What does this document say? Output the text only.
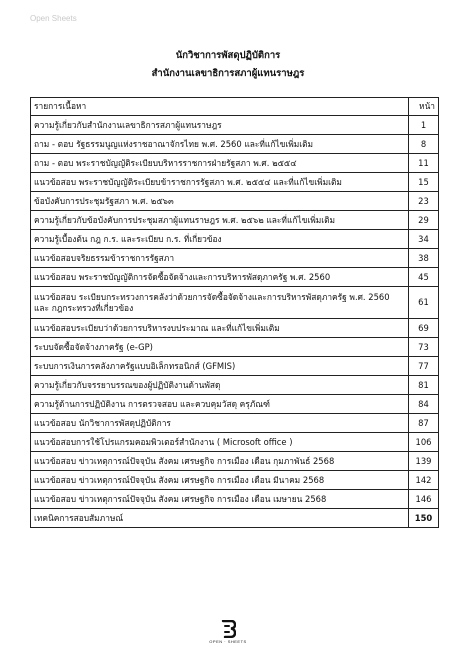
Open Sheets
นักวิชาการพัสดุปฏิบัติการ
สำนักงานเลขาธิการสภาผู้แทนราษฎร
รายการเนื้อหา	หน้า
ความรู้เกี่ยวกับสำนักงานเลขาธิการสภาผู้แทนราษฎร	1
ถาม - ตอบ รัฐธรรมนูญแห่งราชอาณาจักรไทย พ.ศ. 2560 และที่แก้ไขเพิ่มเติม	8
ถาม - ตอบ พระราชบัญญัติระเบียบบริหารราชการฝ่ายรัฐสภา พ.ศ. ๒๕๕๔	11
แนวข้อสอบ พระราชบัญญัติระเบียบข้าราชการรัฐสภา พ.ศ. ๒๕๕๔ และที่แก้ไขเพิ่มเติม	15
ข้อบังคับการประชุมรัฐสภา พ.ศ. ๒๕๖๓	23
ความรู้เกี่ยวกับข้อบังคับการประชุมสภาผู้แทนราษฎร พ.ศ. ๒๕๖๒ และที่แก้ไขเพิ่มเติม	29
ความรู้เบื้องต้น กฎ ก.ร. และระเบียบ ก.ร. ที่เกี่ยวข้อง	34
แนวข้อสอบจริยธรรมข้าราชการรัฐสภา	38
แนวข้อสอบ พระราชบัญญัติการจัดซื้อจัดจ้างและการบริหารพัสดุภาครัฐ พ.ศ. 2560	45
แนวข้อสอบ ระเบียบกระทรวงการคลังว่าด้วยการจัดซื้อจัดจ้างและการบริหารพัสดุภาครัฐ พ.ศ. 2560 และ กฎกระทรวงที่เกี่ยวข้อง	61
แนวข้อสอบระเบียบว่าด้วยการบริหารงบประมาณ และที่แก้ไขเพิ่มเติม	69
ระบบจัดซื้อจัดจ้างภาครัฐ (e-GP)	73
ระบบการเงินการคลังภาครัฐแบบอิเล็กทรอนิกส์ (GFMIS)	77
ความรู้เกี่ยวกับจรรยาบรรณของผู้ปฏิบัติงานด้านพัสดุ	81
ความรู้ด้านการปฏิบัติงาน การตรวจสอบ และควบคุมวัสดุ ครุภัณฑ์	84
แนวข้อสอบ นักวิชาการพัสดุปฏิบัติการ	87
แนวข้อสอบการใช้โปรแกรมคอมพิวเตอร์สำนักงาน ( Microsoft office )	106
แนวข้อสอบ ข่าวเหตุการณ์ปัจจุบัน สังคม เศรษฐกิจ การเมือง เดือน กุมภาพันธ์ 2568	139
แนวข้อสอบ ข่าวเหตุการณ์ปัจจุบัน สังคม เศรษฐกิจ การเมือง เดือน มีนาคม 2568	142
แนวข้อสอบ ข่าวเหตุการณ์ปัจจุบัน สังคม เศรษฐกิจ การเมือง เดือน เมษายน 2568	146
เทคนิคการสอบสัมภาษณ์	150
OPEN · SHEETS
